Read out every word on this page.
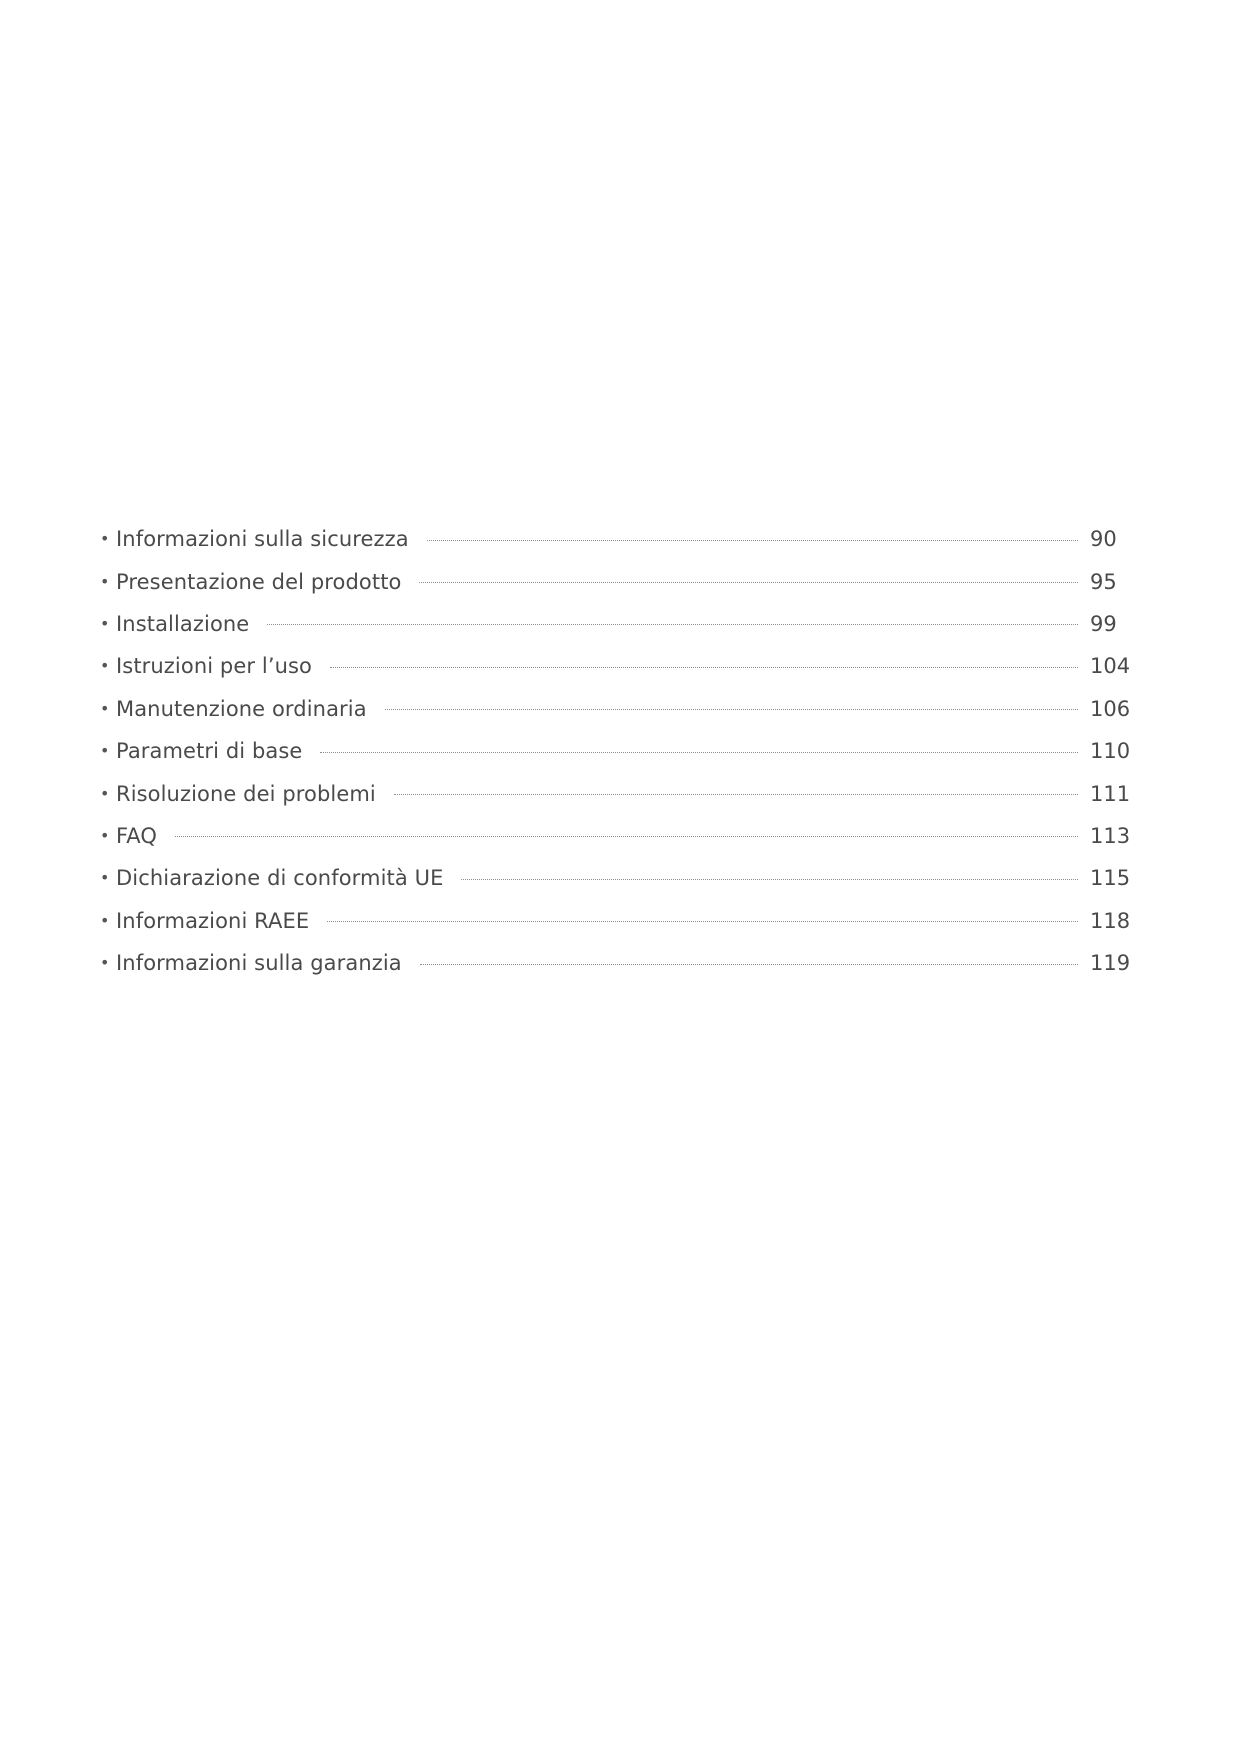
• Informazioni sulla sicurezza	90
• Presentazione del prodotto	95
• Installazione	99
• Istruzioni per l’uso	104
• Manutenzione ordinaria	106
• Parametri di base	110
• Risoluzione dei problemi	111
• FAQ	113
• Dichiarazione di conformità UE	115
• Informazioni RAEE	118
• Informazioni sulla garanzia	119
